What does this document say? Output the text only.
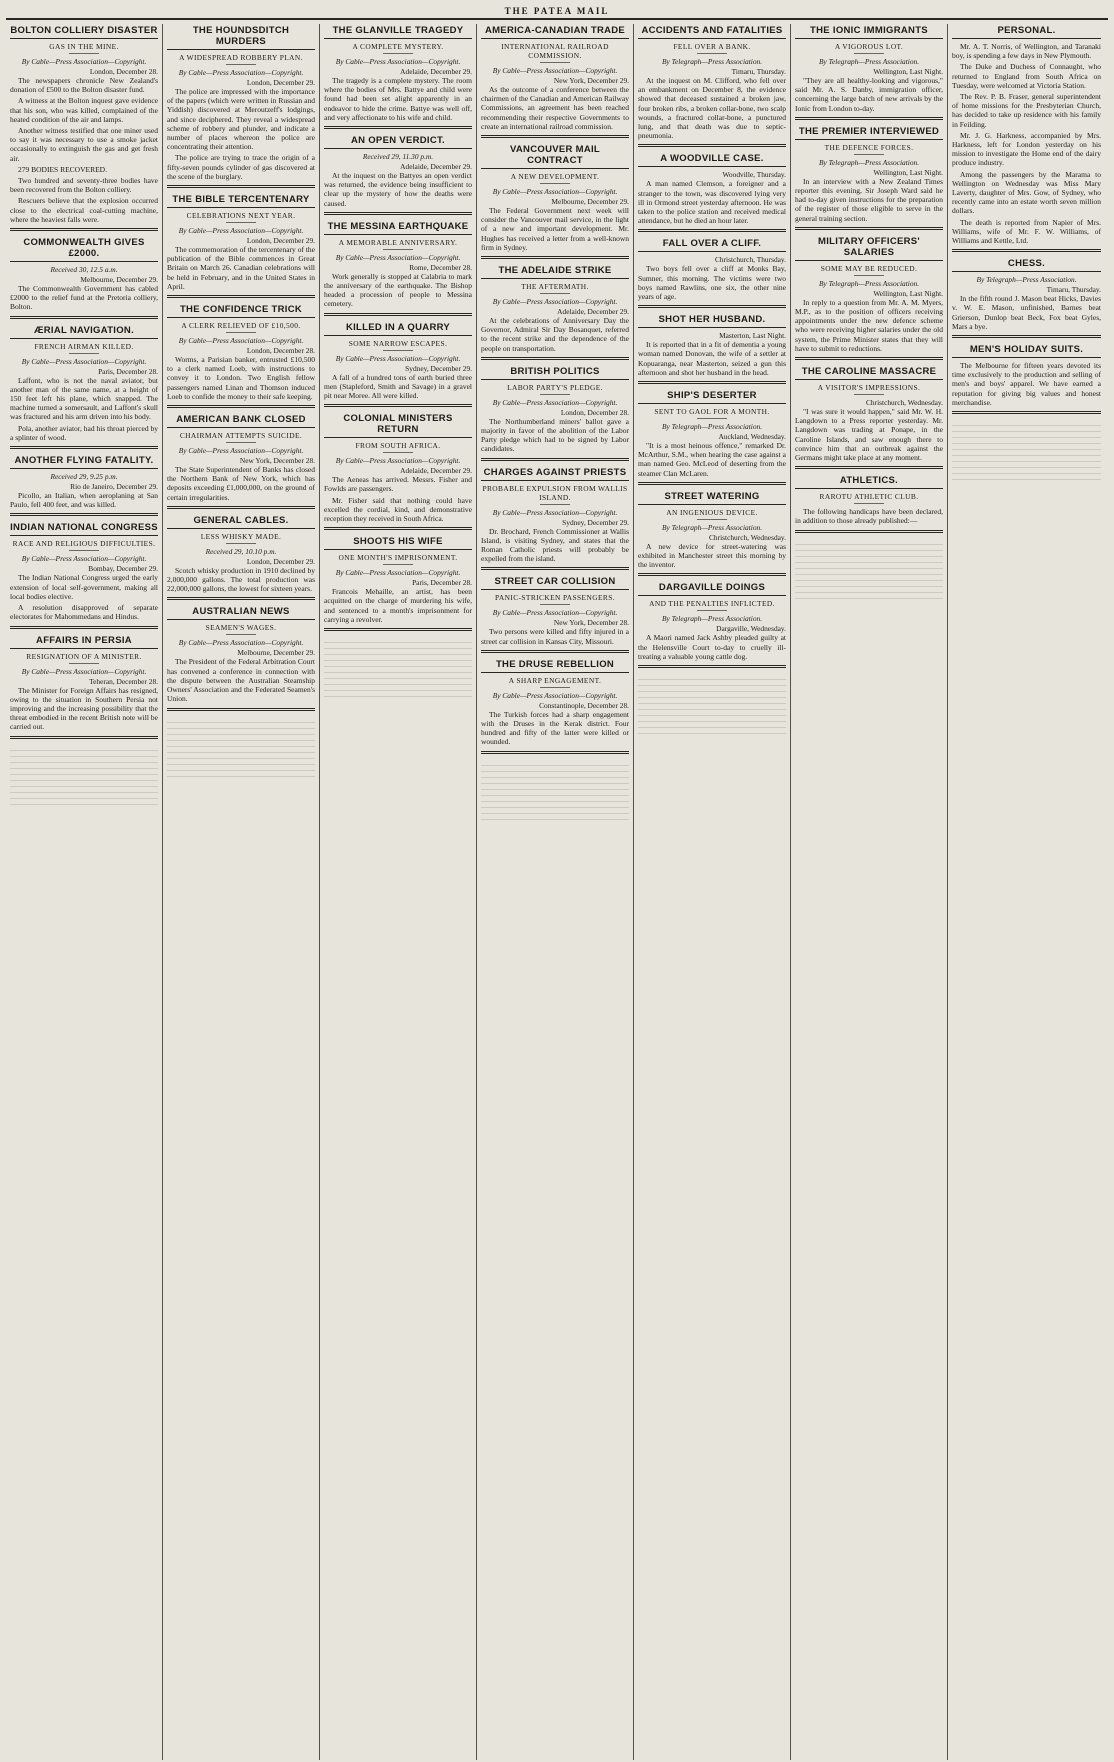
THE PATEA MAIL
BOLTON COLLIERY DISASTER
GAS IN THE MINE.
By Cable—Press Association—Copyright.
London, December 28.

The newspapers chronicle New Zealand's donation of £500 to the Bolton disaster fund.

A witness at the Bolton inquest gave evidence that his son, who was killed, complained of the heated condition of the air and lamps.

Another witness testified that one miner used to say it was necessary to use a smoke jacket occasionally to extinguish the gas and get fresh air.

279 BODIES RECOVERED.

Two hundred and seventy-three bodies have been recovered from the Bolton colliery.

Rescuers believe that the explosion occurred close to the electrical coal-cutting machine, where the heaviest falls were.

COMMONWEALTH GIVES £2000.
Received 30, 12.5 a.m.
Melbourne, December 29.

The Commonwealth Government has cabled £2000 to the relief fund at the Pretoria colliery, Bolton.

ÆRIAL NAVIGATION.
FRENCH AIRMAN KILLED.
By Cable—Press Association—Copyright.
Paris, December 28.

Laffont, who is not the naval aviator, but another man of the same name, at a height of 150 feet left his plane, which snapped. The machine turned a somersault, and Laffont's skull was fractured and his arm driven into his body.

Pola, another aviator, had his throat pierced by a splinter of wood.

ANOTHER FLYING FATALITY.
Received 29, 9.25 p.m.
Rio de Janeiro, December 29.

Picollo, an Italian, when aeroplaning at San Paulo, fell 400 feet, and was killed.

INDIAN NATIONAL CONGRESS
RACE AND RELIGIOUS DIFFICULTIES.
By Cable—Press Association—Copyright.
Bombay, December 29.

The Indian National Congress urged the early extension of local self-government, making all local bodies elective.

A resolution disapproved of separate electorates for Mahommedans and Hindus.

AFFAIRS IN PERSIA
RESIGNATION OF A MINISTER.
By Cable—Press Association—Copyright.
Teheran, December 28.

The Minister for Foreign Affairs has resigned, owing to the situation in Southern Persia not improving and the increasing possibility that the threat embodied in the recent British note will be carried out.

THE HOUNDSDITCH MURDERS
A WIDESPREAD ROBBERY PLAN.
By Cable—Press Association—Copyright.
London, December 29.

The police are impressed with the importance of the papers (which were written in Russian and Yiddish) discovered at Meroutzeff's lodgings, and since deciphered. They reveal a widespread scheme of robbery and plunder, and indicate a number of places whereon the police are concentrating their attention.

The police are trying to trace the origin of a fifty-seven pounds cylinder of gas discovered at the scene of the burglary.

THE BIBLE TERCENTENARY
CELEBRATIONS NEXT YEAR.
By Cable—Press Association—Copyright.
London, December 29.

The commemoration of the tercentenary of the publication of the Bible commences in Great Britain on March 26. Canadian celebrations will be held in February, and in the United States in April.

THE CONFIDENCE TRICK
A CLERK RELIEVED OF £10,500.
By Cable—Press Association—Copyright.
London, December 28.

Worms, a Parisian banker, entrusted £10,500 to a clerk named Loeb, with instructions to convey it to London. Two English fellow passengers named Linan and Thomson induced Loeb to confide the money to their safe keeping.

AMERICAN BANK CLOSED
CHAIRMAN ATTEMPTS SUICIDE.
By Cable—Press Association—Copyright.
New York, December 28.

The State Superintendent of Banks has closed the Northern Bank of New York, which has deposits exceeding £1,000,000, on the ground of certain irregularities.

GENERAL CABLES.
LESS WHISKY MADE.
Received 29, 10.10 p.m.
London, December 29.

Scotch whisky production in 1910 declined by 2,000,000 gallons. The total production was 22,000,000 gallons, the lowest for sixteen years.

AUSTRALIAN NEWS
SEAMEN'S WAGES.
By Cable—Press Association—Copyright.
Melbourne, December 29.

The President of the Federal Arbitration Court has convened a conference in connection with the dispute between the Australian Steamship Owners' Association and the Federated Seamen's Union.

THE GLANVILLE TRAGEDY
A COMPLETE MYSTERY.
By Cable—Press Association—Copyright.
Adelaide, December 29.

The tragedy is a complete mystery. The room where the bodies of Mrs. Battye and child were found had been set alight apparently in an endeavor to hide the crime. Battye was well off, and very affectionate to his wife and child.

AN OPEN VERDICT.
Received 29, 11.30 p.m.
Adelaide, December 29.

At the inquest on the Battyes an open verdict was returned, the evidence being insufficient to clear up the mystery of how the deaths were caused.

THE MESSINA EARTHQUAKE
A MEMORABLE ANNIVERSARY.
By Cable—Press Association—Copyright.
Rome, December 28.

Work generally is stopped at Calabria to mark the anniversary of the earthquake. The Bishop headed a procession of people to Messina cemetery.

KILLED IN A QUARRY
SOME NARROW ESCAPES.
By Cable—Press Association—Copyright.
Sydney, December 29.

A fall of a hundred tons of earth buried three men (Stapleford, Smith and Savage) in a gravel pit near Moree. All were killed.

COLONIAL MINISTERS RETURN
FROM SOUTH AFRICA.
By Cable—Press Association—Copyright.
Adelaide, December 29.

The Aeneas has arrived. Messrs. Fisher and Fowlds are passengers.

Mr. Fisher said that nothing could have excelled the cordial, kind, and demonstrative reception they received in South Africa.

SHOOTS HIS WIFE
ONE MONTH'S IMPRISONMENT.
By Cable—Press Association—Copyright.
Paris, December 28.

Francois Mehaille, an artist, has been acquitted on the charge of murdering his wife, and sentenced to a month's imprisonment for carrying a revolver.

AMERICA-CANADIAN TRADE
INTERNATIONAL RAILROAD COMMISSION.
By Cable—Press Association—Copyright.
New York, December 29.

As the outcome of a conference between the chairmen of the Canadian and American Railway Commissions, an agreement has been reached recommending their respective Governments to create an international railroad commission.

VANCOUVER MAIL CONTRACT
A NEW DEVELOPMENT.
By Cable—Press Association—Copyright.
Melbourne, December 29.

The Federal Government next week will consider the Vancouver mail service, in the light of a new and important development. Mr. Hughes has received a letter from a well-known firm in Sydney.

THE ADELAIDE STRIKE
THE AFTERMATH.
By Cable—Press Association—Copyright.
Adelaide, December 29.

At the celebrations of Anniversary Day the Governor, Admiral Sir Day Bosanquet, referred to the recent strike and the dependence of the people on transportation.

BRITISH POLITICS
LABOR PARTY'S PLEDGE.
By Cable—Press Association—Copyright.
London, December 28.

The Northumberland miners' ballot gave a majority in favor of the abolition of the Labor Party pledge which had to be signed by Labor candidates.

CHARGES AGAINST PRIESTS
PROBABLE EXPULSION FROM WALLIS ISLAND.
By Cable—Press Association—Copyright.
Sydney, December 29.

Dr. Brochard, French Commissioner at Wallis Island, is visiting Sydney, and states that the Roman Catholic priests will probably be expelled from the island.

STREET CAR COLLISION
PANIC-STRICKEN PASSENGERS.
By Cable—Press Association—Copyright.
New York, December 28.

Two persons were killed and fifty injured in a street car collision in Kansas City, Missouri.

THE DRUSE REBELLION
A SHARP ENGAGEMENT.
By Cable—Press Association—Copyright.
Constantinople, December 28.

The Turkish forces had a sharp engagement with the Druses in the Kerak district. Four hundred and fifty of the latter were killed or wounded.

ACCIDENTS AND FATALITIES
FELL OVER A BANK.
By Telegraph—Press Association.
Timaru, Thursday.

At the inquest on M. Clifford, who fell over an embankment on December 8, the evidence showed that deceased sustained a broken jaw, four broken ribs, a broken collar-bone, two scalp wounds, a fractured collar-bone, a punctured lung, and that death was due to septic-pneumonia.

A WOODVILLE CASE.
Woodville, Thursday.

A man named Clemson, a foreigner and a stranger to the town, was discovered lying very ill in Ormond street yesterday afternoon. He was taken to the police station and received medical attendance, but he died an hour later.

FALL OVER A CLIFF.
Christchurch, Thursday.

Two boys fell over a cliff at Monks Bay, Sumner, this morning. The victims were two boys named Rawlins, one six, the other nine years of age.

SHOT HER HUSBAND.
Masterton, Last Night.

It is reported that in a fit of dementia a young woman named Donovan, the wife of a settler at Kopuaranga, near Masterton, seized a gun this afternoon and shot her husband in the head.

SHIP'S DESERTER
SENT TO GAOL FOR A MONTH.
By Telegraph—Press Association.
Auckland, Wednesday.

"It is a most heinous offence," remarked Dr. McArthur, S.M., when hearing the case against a man named Geo. McLeod of deserting from the steamer Clan McLaren.

STREET WATERING
AN INGENIOUS DEVICE.
By Telegraph—Press Association.
Christchurch, Wednesday.

A new device for street-watering was exhibited in Manchester street this morning by the inventor.

DARGAVILLE DOINGS
AND THE PENALTIES INFLICTED.
By Telegraph—Press Association.
Dargaville, Wednesday.

A Maori named Jack Ashby pleaded guilty at the Helensville Court to-day to cruelly ill-treating a valuable young cattle dog.

THE IONIC IMMIGRANTS
A VIGOROUS LOT.
By Telegraph—Press Association.
Wellington, Last Night.

"They are all healthy-looking and vigorous," said Mr. A. S. Danby, immigration officer, concerning the large batch of new arrivals by the Ionic from London to-day.

THE PREMIER INTERVIEWED
THE DEFENCE FORCES.
By Telegraph—Press Association.
Wellington, Last Night.

In an interview with a New Zealand Times reporter this evening, Sir Joseph Ward said he had to-day given instructions for the preparation of the register of those eligible to serve in the general training section.

MILITARY OFFICERS' SALARIES
SOME MAY BE REDUCED.
By Telegraph—Press Association.
Wellington, Last Night.

In reply to a question from Mr. A. M. Myers, M.P., as to the position of officers receiving appointments under the new defence scheme who were receiving higher salaries under the old system, the Prime Minister states that they will have to submit to reductions.

THE CAROLINE MASSACRE
A VISITOR'S IMPRESSIONS.
Christchurch, Wednesday.

"I was sure it would happen," said Mr. W. H. Langdown to a Press reporter yesterday. Mr. Langdown was trading at Ponape, in the Caroline Islands, and saw enough there to convince him that an outbreak against the Germans might take place at any moment.

ATHLETICS.
RAROTU ATHLETIC CLUB.

The following handicaps have been declared, in addition to those already published:—

PERSONAL.

Mr. A. T. Norris, of Wellington, and Taranaki boy, is spending a few days in New Plymouth.

The Duke and Duchess of Connaught, who returned to England from South Africa on Tuesday, were welcomed at Victoria Station.

The Rev. P. B. Fraser, general superintendent of home missions for the Presbyterian Church, has decided to take up residence with his family in Feilding.

Mr. J. G. Harkness, accompanied by Mrs. Harkness, left for London yesterday on his mission to investigate the Home end of the dairy produce industry.

Among the passengers by the Marama to Wellington on Wednesday was Miss Mary Laverty, daughter of Mrs. Gow, of Sydney, who recently came into an estate worth seven million dollars.

The death is reported from Napier of Mrs. Williams, wife of Mr. F. W. Williams, of Williams and Kettle, Ltd.

CHESS.
By Telegraph—Press Association.
Timaru, Thursday.

In the fifth round J. Mason beat Hicks, Davies v. W. E. Mason, unfinished, Barnes beat Grierson, Dunlop beat Beck, Fox beat Gyles, Mars a bye.

MEN'S HOLIDAY SUITS.

The Melbourne for fifteen years devoted its time exclusively to the production and selling of men's and boys' apparel. We have earned a reputation for giving big values and honest merchandise.
